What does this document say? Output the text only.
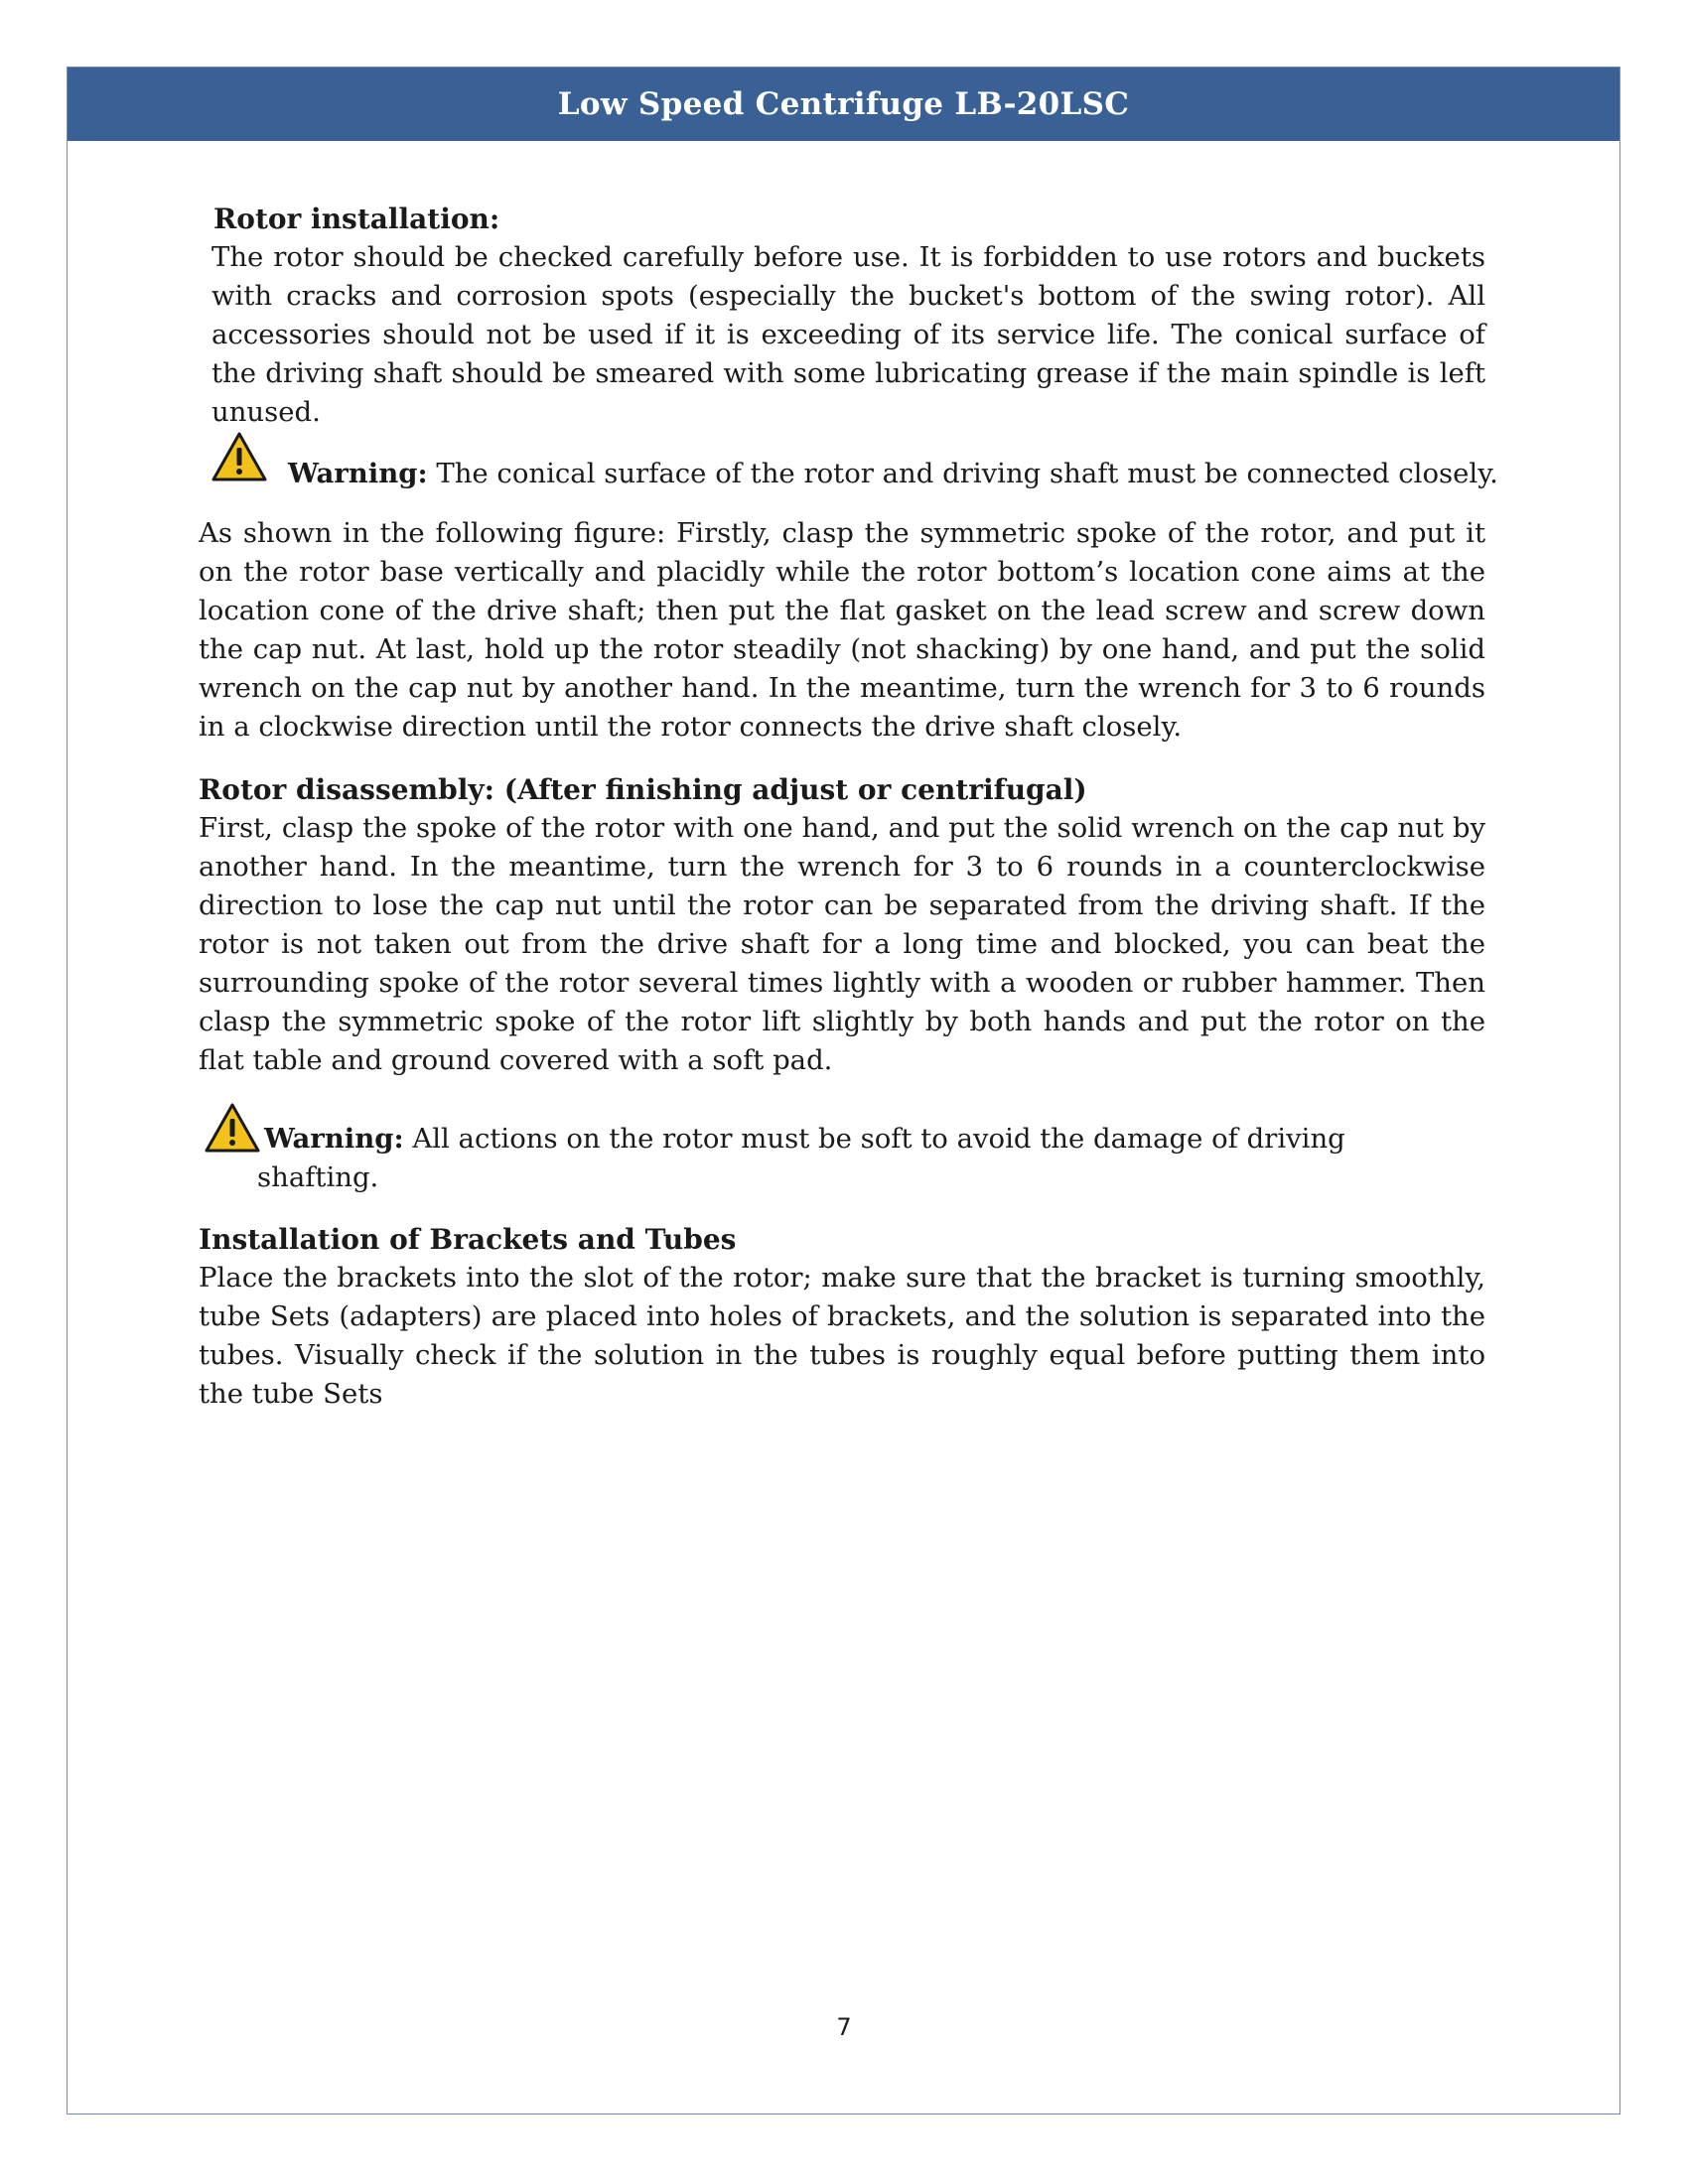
Low Speed Centrifuge LB-20LSC
Rotor installation:
The rotor should be checked carefully before use. It is forbidden to use rotors and buckets with cracks and corrosion spots (especially the bucket's bottom of the swing rotor). All accessories should not be used if it is exceeding of its service life. The conical surface of the driving shaft should be smeared with some lubricating grease if the main spindle is left unused.
Warning: The conical surface of the rotor and driving shaft must be connected closely.
As shown in the following figure: Firstly, clasp the symmetric spoke of the rotor, and put it on the rotor base vertically and placidly while the rotor bottom’s location cone aims at the location cone of the drive shaft; then put the flat gasket on the lead screw and screw down the cap nut. At last, hold up the rotor steadily (not shacking) by one hand, and put the solid wrench on the cap nut by another hand. In the meantime, turn the wrench for 3 to 6 rounds in a clockwise direction until the rotor connects the drive shaft closely.
Rotor disassembly: (After finishing adjust or centrifugal)
First, clasp the spoke of the rotor with one hand, and put the solid wrench on the cap nut by another hand. In the meantime, turn the wrench for 3 to 6 rounds in a counterclockwise direction to lose the cap nut until the rotor can be separated from the driving shaft. If the rotor is not taken out from the drive shaft for a long time and blocked, you can beat the surrounding spoke of the rotor several times lightly with a wooden or rubber hammer. Then clasp the symmetric spoke of the rotor lift slightly by both hands and put the rotor on the flat table and ground covered with a soft pad.
Warning: All actions on the rotor must be soft to avoid the damage of driving
shafting.
Installation of Brackets and Tubes
Place the brackets into the slot of the rotor; make sure that the bracket is turning smoothly, tube Sets (adapters) are placed into holes of brackets, and the solution is separated into the tubes. Visually check if the solution in the tubes is roughly equal before putting them into the tube Sets
7
